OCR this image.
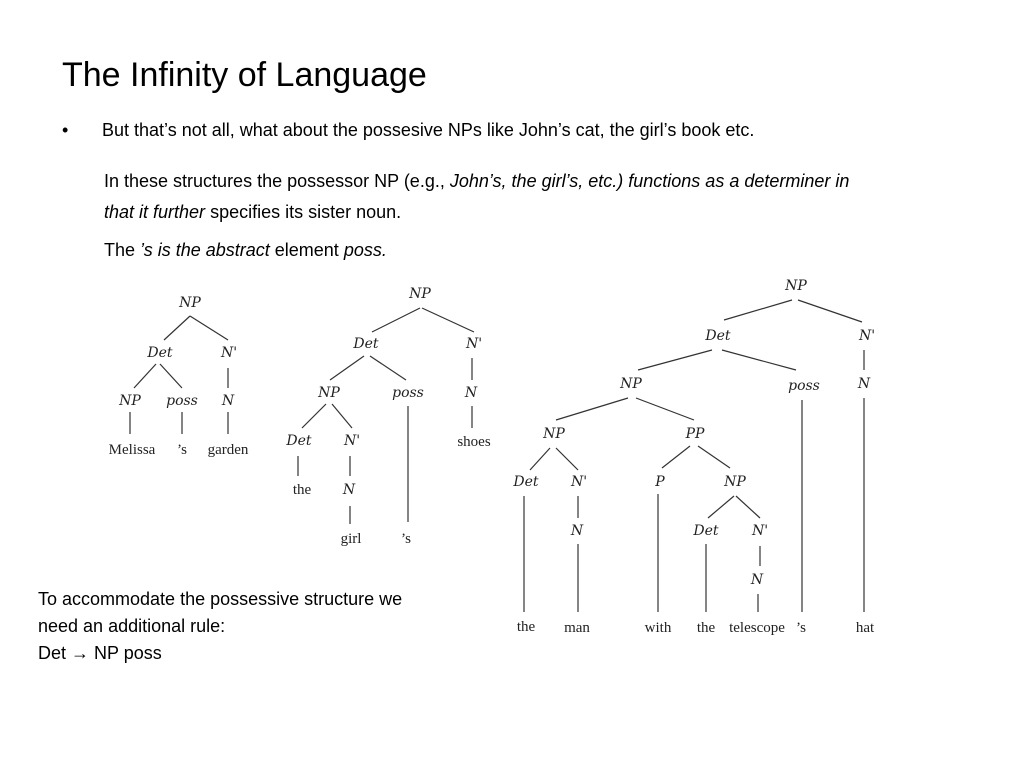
The Infinity of Language
• But that’s not all, what about the possesive NPs like John’s cat, the girl’s book etc.
In these structures the possessor NP (e.g., John’s, the girl’s, etc.) functions as a determiner in that it further specifies its sister noun.
The ’s is the abstract element poss.
To accommodate the possessive structure we
need an additional rule:
Det → NP poss
NP
Det	N'
NP poss N
Melissa ’s garden
NP
Det	N'
NP	poss	N
Det N'	shoes
the N
girl	’s
NP
Det	N'
NP	poss	N
NP	PP
Det N'	P	NP
N	Det N'
N
the man	with the telescope ’s	hat
